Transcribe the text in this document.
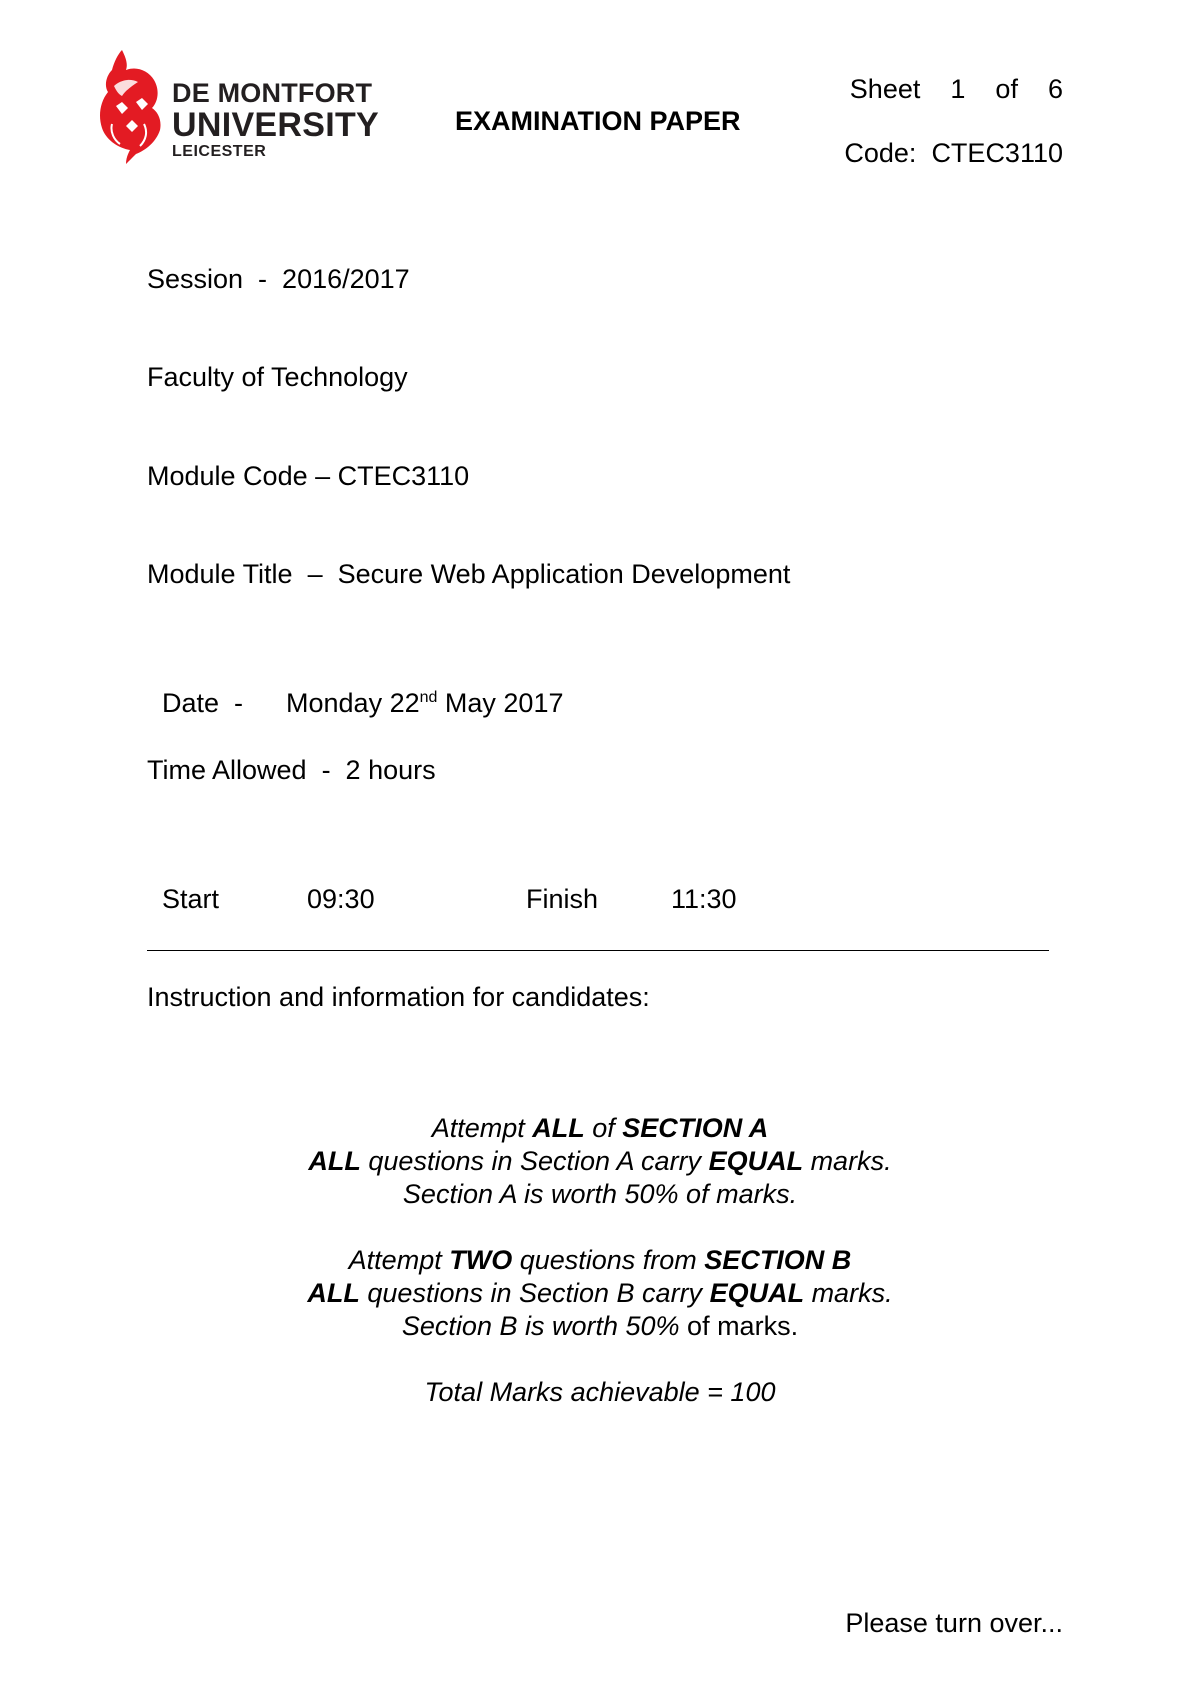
DE MONTFORT
UNIVERSITY
LEICESTER
EXAMINATION PAPER
Sheet 1 of 6
Code: CTEC3110
Session  -  2016/2017
Faculty of Technology
Module Code – CTEC3110
Module Title  –  Secure Web Application Development

Date  - Monday 22nd May 2017

Time Allowed  -  2 hours

Start	09:30	Finish	11:30

Instruction and information for candidates:
Attempt ALL of SECTION A
ALL questions in Section A carry EQUAL marks.
Section A is worth 50% of marks.
Attempt TWO questions from SECTION B
ALL questions in Section B carry EQUAL marks.
Section B is worth 50% of marks.
Total Marks achievable = 100
Please turn over...
